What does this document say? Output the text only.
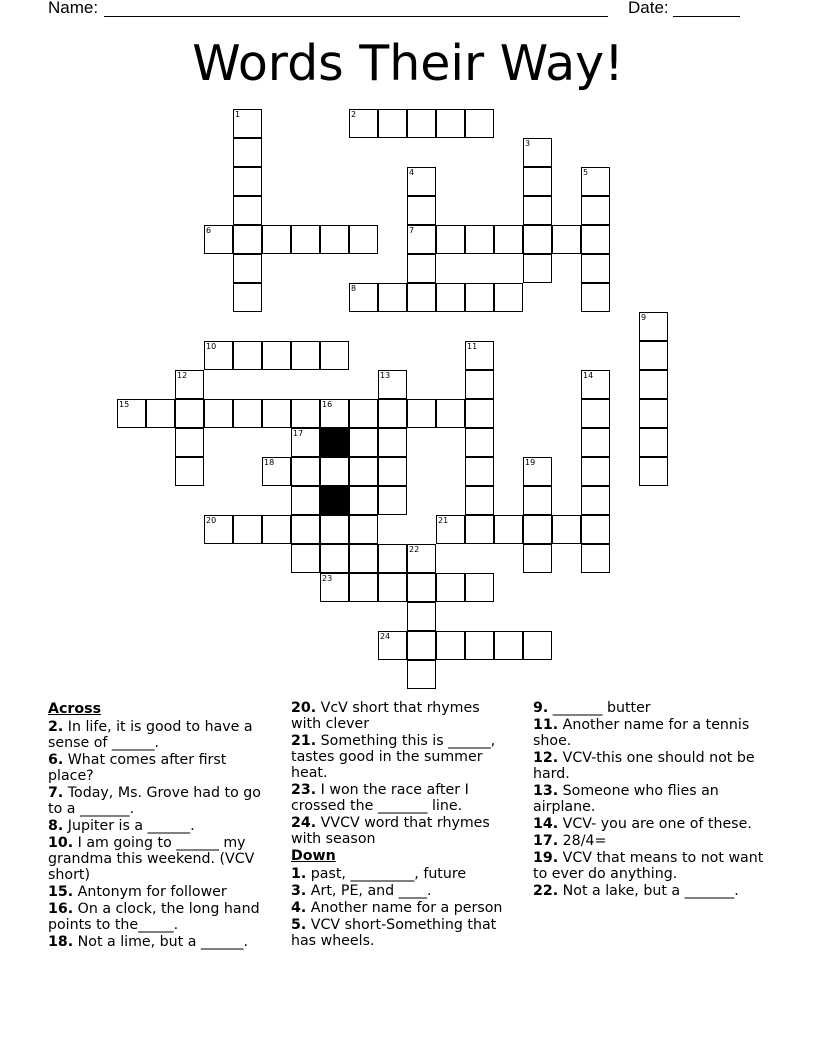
Name:	Date:
Words Their Way!
1	2
3
4
7
5
6
8
9
10	11
12	13	14
15	16
17
18	19
20	21
22
23
24
Across
2. In life, it is good to have a sense of ______.
6. What comes after first place?
7. Today, Ms. Grove had to go to a _______.
8. Jupiter is a ______.
10. I am going to ______ my grandma this weekend. (VCV short)
15. Antonym for follower
16. On a clock, the long hand points to the_____.
18. Not a lime, but a ______.
20. VcV short that rhymes with clever
21. Something this is ______, tastes good in the summer heat.
23. I won the race after I crossed the _______ line.
24. VVCV word that rhymes with season
Down
1. past, _________, future
3. Art, PE, and ____.
4. Another name for a person
5. VCV short-Something that has wheels.
9. _______ butter
11. Another name for a tennis shoe.
12. VCV-this one should not be hard.
13. Someone who flies an airplane.
14. VCV- you are one of these.
17. 28/4=
19. VCV that means to not want to ever do anything.
22. Not a lake, but a _______.
